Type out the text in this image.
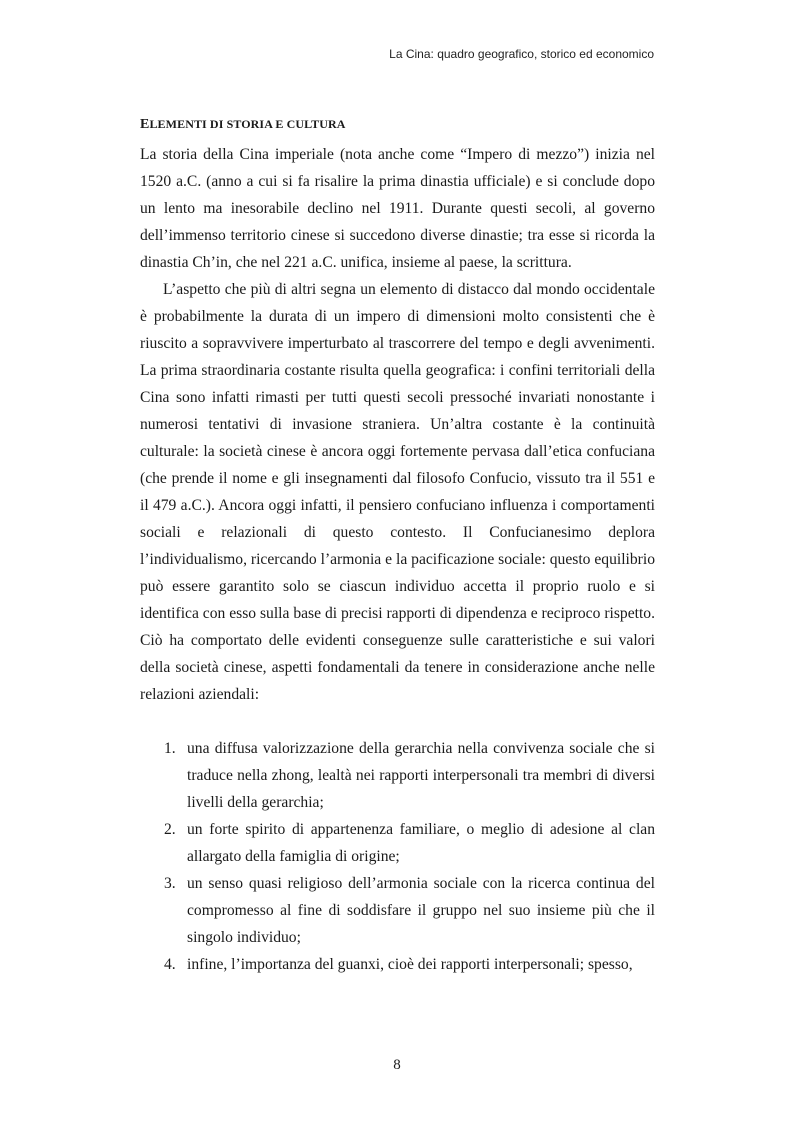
La Cina: quadro geografico, storico ed economico
ELEMENTI DI STORIA E CULTURA

La storia della Cina imperiale (nota anche come “Impero di mezzo”) inizia nel 1520 a.C. (anno a cui si fa risalire la prima dinastia ufficiale) e si conclude dopo un lento ma inesorabile declino nel 1911. Durante questi secoli, al governo dell’immenso territorio cinese si succedono diverse dinastie; tra esse si ricorda la dinastia Ch’in, che nel 221 a.C. unifica, insieme al paese, la scrittura.

L’aspetto che più di altri segna un elemento di distacco dal mondo occidentale è probabilmente la durata di un impero di dimensioni molto consistenti che è riuscito a sopravvivere imperturbato al trascorrere del tempo e degli avvenimenti. La prima straordinaria costante risulta quella geografica: i confini territoriali della Cina sono infatti rimasti per tutti questi secoli pressoché invariati nonostante i numerosi tentativi di invasione straniera. Un’altra costante è la continuità culturale: la società cinese è ancora oggi fortemente pervasa dall’etica confuciana (che prende il nome e gli insegnamenti dal filosofo Confucio, vissuto tra il 551 e il 479 a.C.). Ancora oggi infatti, il pensiero confuciano influenza i comportamenti sociali e relazionali di questo contesto. Il Confucianesimo deplora l’individualismo, ricercando l’armonia e la pacificazione sociale: questo equilibrio può essere garantito solo se ciascun individuo accetta il proprio ruolo e si identifica con esso sulla base di precisi rapporti di dipendenza e reciproco rispetto. Ciò ha comportato delle evidenti conseguenze sulle caratteristiche e sui valori della società cinese, aspetti fondamentali da tenere in considerazione anche nelle relazioni aziendali:

1. una diffusa valorizzazione della gerarchia nella convivenza sociale che si traduce nella zhong, lealtà nei rapporti interpersonali tra membri di diversi livelli della gerarchia;
2. un forte spirito di appartenenza familiare, o meglio di adesione al clan allargato della famiglia di origine;
3. un senso quasi religioso dell’armonia sociale con la ricerca continua del compromesso al fine di soddisfare il gruppo nel suo insieme più che il singolo individuo;
4. infine, l’importanza del guanxi, cioè dei rapporti interpersonali; spesso,
8
